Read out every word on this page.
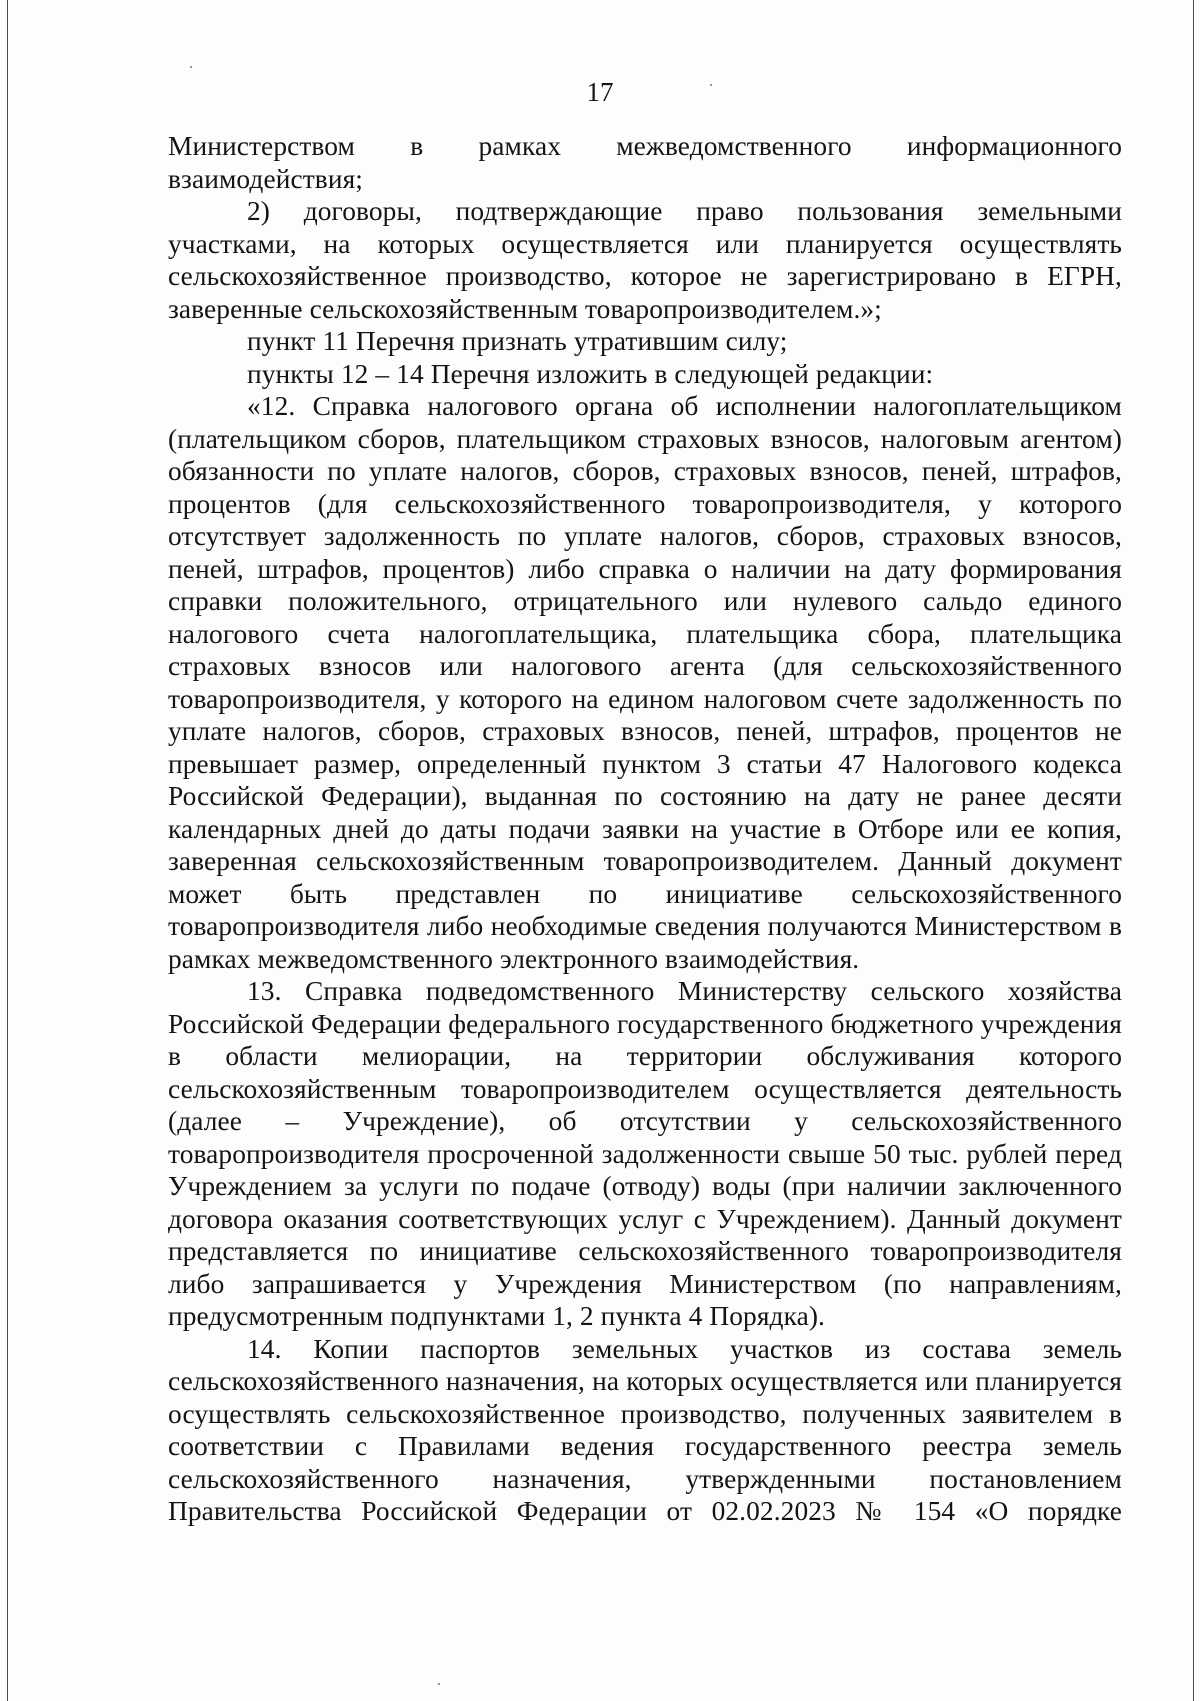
17

Министерством в рамках межведомственного информационного взаимодействия;

2) договоры, подтверждающие право пользования земельными участками, на которых осуществляется или планируется осуществлять сельскохозяйственное производство, которое не зарегистрировано в ЕГРН, заверенные сельскохозяйственным товаропроизводителем.»;

пункт 11 Перечня признать утратившим силу;

пункты 12 – 14 Перечня изложить в следующей редакции:

«12. Справка налогового органа об исполнении налогоплательщиком (плательщиком сборов, плательщиком страховых взносов, налоговым агентом) обязанности по уплате налогов, сборов, страховых взносов, пеней, штрафов, процентов (для сельскохозяйственного товаропроизводителя, у которого отсутствует задолженность по уплате налогов, сборов, страховых взносов, пеней, штрафов, процентов) либо справка о наличии на дату формирования справки положительного, отрицательного или нулевого сальдо единого налогового счета налогоплательщика, плательщика сбора, плательщика страховых взносов или налогового агента (для сельскохозяйственного товаропроизводителя, у которого на едином налоговом счете задолженность по уплате налогов, сборов, страховых взносов, пеней, штрафов, процентов не превышает размер, определенный пунктом 3 статьи 47 Налогового кодекса Российской Федерации), выданная по состоянию на дату не ранее десяти календарных дней до даты подачи заявки на участие в Отборе или ее копия, заверенная сельскохозяйственным товаропроизводителем. Данный документ может быть представлен по инициативе сельскохозяйственного товаропроизводителя либо необходимые сведения получаются Министерством в рамках межведомственного электронного взаимодействия.

13. Справка подведомственного Министерству сельского хозяйства Российской Федерации федерального государственного бюджетного учреждения в области мелиорации, на территории обслуживания которого сельскохозяйственным товаропроизводителем осуществляется деятельность (далее – Учреждение), об отсутствии у сельскохозяйственного товаропроизводителя просроченной задолженности свыше 50 тыс. рублей перед Учреждением за услуги по подаче (отводу) воды (при наличии заключенного договора оказания соответствующих услуг с Учреждением). Данный документ представляется по инициативе сельскохозяйственного товаропроизводителя либо запрашивается у Учреждения Министерством (по направлениям, предусмотренным подпунктами 1, 2 пункта 4 Порядка).

14. Копии паспортов земельных участков из состава земель сельскохозяйственного назначения, на которых осуществляется или планируется осуществлять сельскохозяйственное производство, полученных заявителем в соответствии с Правилами ведения государственного реестра земель сельскохозяйственного назначения, утвержденными постановлением Правительства Российской Федерации от 02.02.2023 № 154 «О порядке
